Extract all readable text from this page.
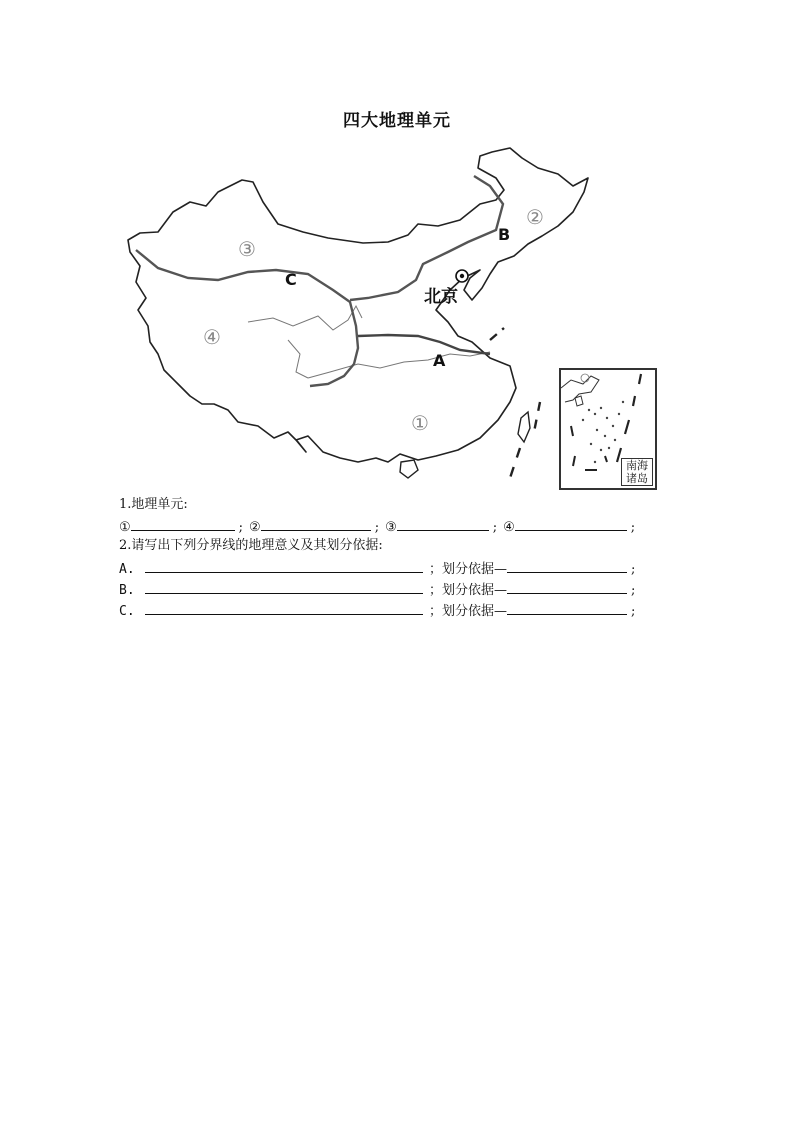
四大地理单元
北京
①
②
③
④
A
B
C
南海
诸岛
1.地理单元:
①	; ②	; ③	; ④	;
2.请写出下列分界线的地理意义及其划分依据:
A.	；划分依据—	;
B.	；划分依据—	;
C.	；划分依据—	;
